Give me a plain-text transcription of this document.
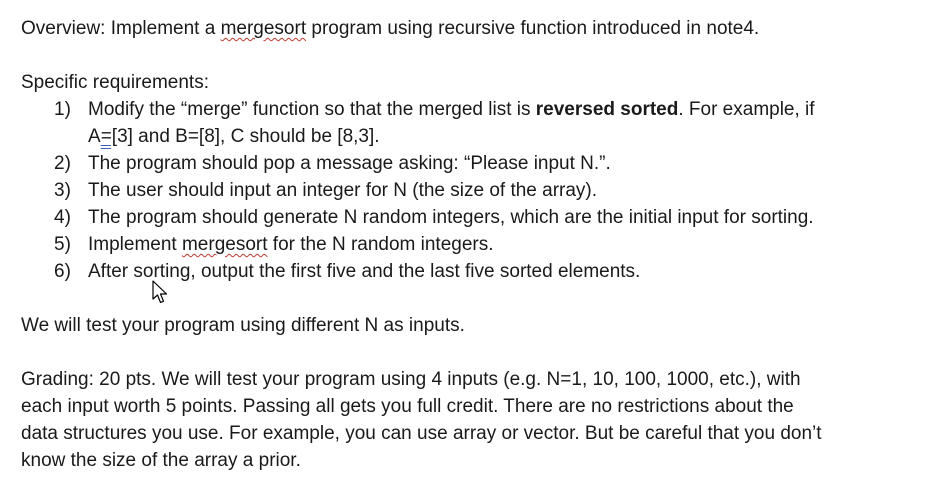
Overview: Implement a mergesort program using recursive function introduced in note4.

Specific requirements:

1) Modify the “merge” function so that the merged list is reversed sorted. For example, if
A=[3] and B=[8], C should be [8,3].
2) The program should pop a message asking: “Please input N.”.
3) The user should input an integer for N (the size of the array).
4) The program should generate N random integers, which are the initial input for sorting.
5) Implement mergesort for the N random integers.
6) After sorting, output the first five and the last five sorted elements.

We will test your program using different N as inputs.

Grading: 20 pts. We will test your program using 4 inputs (e.g. N=1, 10, 100, 1000, etc.), with
each input worth 5 points. Passing all gets you full credit. There are no restrictions about the
data structures you use. For example, you can use array or vector. But be careful that you don’t
know the size of the array a prior.
